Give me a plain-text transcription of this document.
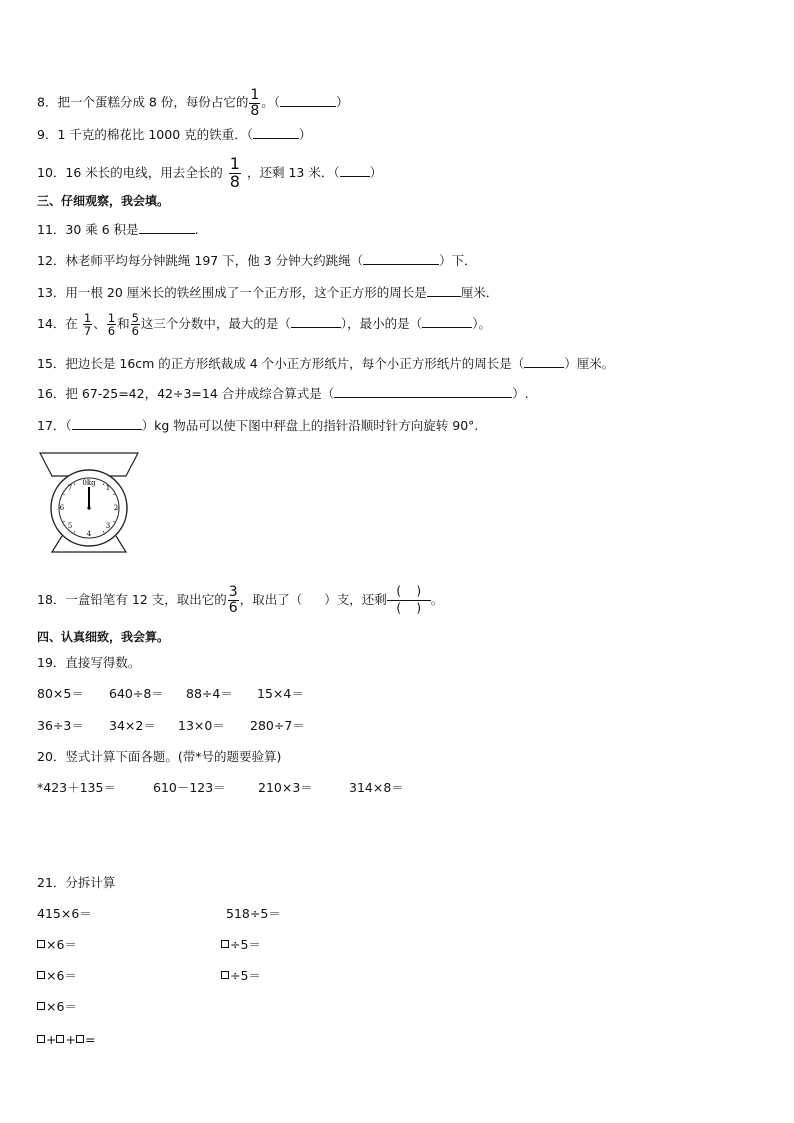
8．把一个蛋糕分成 8 份，每份占它的 $\frac{1}{8}$ 。（	）
9．1 千克的棉花比 1000 克的铁重．（	）
10．16 米长的电线，用去全长的 $\frac{1}{8}$ ，还剩 13 米．（ ）
三、仔细观察，我会填。
11．30 乘 6 积是	.
12．林老师平均每分钟跳绳 197 下，他 3 分钟大约跳绳（	）下．
13．用一根 20 厘米长的铁丝围成了一个正方形，这个正方形的周长是	厘米．
14．在 $\frac{1}{7}$ 、 $\frac{1}{6}$ 和 $\frac{5}{6}$ 这三个分数中，最大的是（	），最小的是（	）。
15．把边长是 16cm 的正方形纸裁成 4 个小正方形纸片，每个小正方形纸片的周长是（	）厘米。
16．把 67-25=42，42÷3=14 合并成综合算式是（	）.
17．（	）kg 物品可以使下图中秤盘上的指针沿顺时针方向旋转 90°.
0kg
1
2
3
4
5
6
7
18．一盒铅笔有 12 支，取出它的 $\frac{3}{6}$ ，取出了（ ）支，还剩
(    )
(    )
。
四、认真细致，我会算。
19．直接写得数。
80×5＝ 640÷8＝ 88÷4＝ 15×4＝
36÷3＝ 34×2＝ 13×0＝ 280÷7＝
20．竖式计算下面各题。(带*号的题要验算)
*423＋135＝	610－123＝	210×3＝	314×8＝
21．分拆计算
415×6＝	518÷5＝
×6＝	÷5＝
×6＝	÷5＝
×6＝
+ + =
